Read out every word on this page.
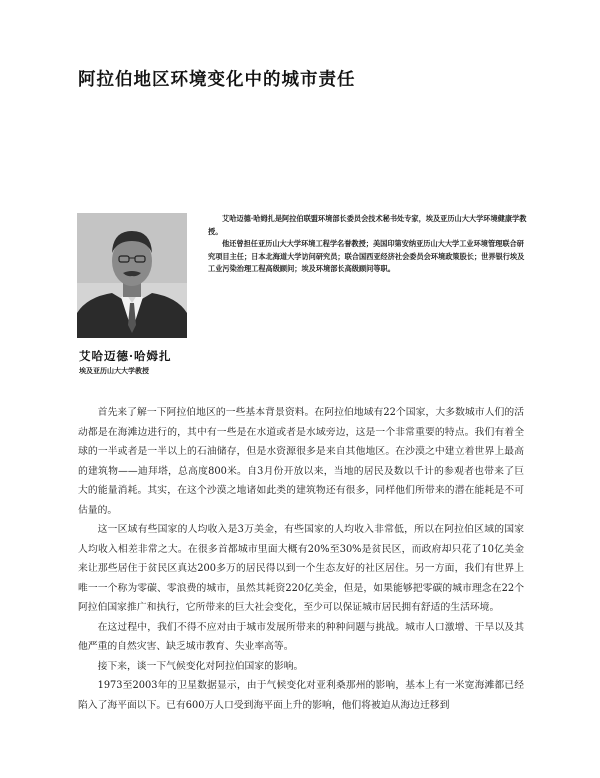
阿拉伯地区环境变化中的城市责任
艾哈迈德·哈姆扎
埃及亚历山大大学教授

艾哈迈德·哈姆扎是阿拉伯联盟环境部长委员会技术秘书处专家，埃及亚历山大大学环境健康学教授。

他还曾担任亚历山大大学环境工程学名誉教授；美国印第安纳亚历山大大学工业环境管理联合研究项目主任；日本北海道大学访问研究员；联合国西亚经济社会委员会环境政策股长；世界银行埃及工业污染治理工程高级顾问；埃及环境部长高级顾问等职。

首先来了解一下阿拉伯地区的一些基本背景资料。在阿拉伯地域有22个国家，大多数城市人们的活动都是在海滩边进行的，其中有一些是在水道或者是水域旁边，这是一个非常重要的特点。我们有着全球的一半或者是一半以上的石油储存，但是水资源很多是来自其他地区。在沙漠之中建立着世界上最高的建筑物——迪拜塔，总高度800米。自3月份开放以来，当地的居民及数以千计的参观者也带来了巨大的能量消耗。其实，在这个沙漠之地诸如此类的建筑物还有很多，同样他们所带来的潜在能耗是不可估量的。

这一区域有些国家的人均收入是3万美金，有些国家的人均收入非常低，所以在阿拉伯区域的国家人均收入相差非常之大。在很多首都城市里面大概有20%至30%是贫民区，而政府却只花了10亿美金来让那些居住于贫民区真达200多万的居民得以到一个生态友好的社区居住。另一方面，我们有世界上唯一一个称为零碳、零浪费的城市，虽然其耗资220亿美金，但是，如果能够把零碳的城市理念在22个阿拉伯国家推广和执行，它所带来的巨大社会变化，至少可以保证城市居民拥有舒适的生活环境。

在这过程中，我们不得不应对由于城市发展所带来的种种问题与挑战。城市人口激增、干旱以及其他严重的自然灾害、缺乏城市教育、失业率高等。

接下来，谈一下气候变化对阿拉伯国家的影响。

1973至2003年的卫星数据显示，由于气候变化对亚利桑那州的影响，基本上有一米宽海滩都已经陷入了海平面以下。已有600万人口受到海平面上升的影响，他们将被迫从海边迁移到
